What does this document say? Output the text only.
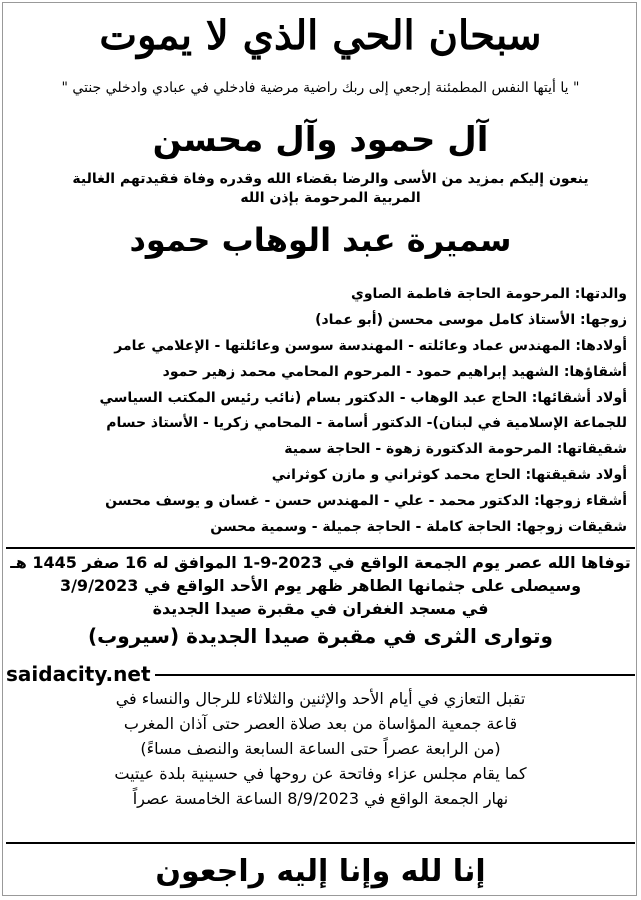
سبحان الحي الذي لا يموت
" يا أيتها النفس المطمئنة إرجعي إلى ربك راضية مرضية فادخلي في عبادي وادخلي جنتي "
آل حمود وآل محسن
ينعون إليكم بمزيد من الأسى والرضا بقضاء الله وقدره وفاة فقيدتهم الغالية
المربية المرحومة بإذن الله
سميرة عبد الوهاب حمود
والدتها: المرحومة الحاجة فاطمة الصاوي
زوجها: الأستاذ كامل موسى محسن (أبو عماد)
أولادها: المهندس عماد وعائلته - المهندسة سوسن وعائلتها - الإعلامي عامر
أشقاؤها: الشهيد إبراهيم حمود - المرحوم المحامي محمد زهير حمود
أولاد أشقائها: الحاج عبد الوهاب - الدكتور بسام (نائب رئيس المكتب السياسي
للجماعة الإسلامية في لبنان)- الدكتور أسامة - المحامي زكريا - الأستاذ حسام
شقيقاتها: المرحومة الدكتورة زهوة - الحاجة سمية
أولاد شقيقتها: الحاج محمد كوثراني و مازن كوثراني
أشقاء زوجها: الدكتور محمد - علي - المهندس حسن - غسان و يوسف محسن
شقيقات زوجها: الحاجة كاملة - الحاجة جميلة - وسمية محسن
توفاها الله عصر يوم الجمعة الواقع في 2023-9-1 الموافق له 16 صفر 1445 هـ
وسيصلى على جثمانها الطاهر ظهر يوم الأحد الواقع في 3/9/2023
في مسجد الغفران في مقبرة صيدا الجديدة
وتوارى الثرى في مقبرة صيدا الجديدة (سيروب)
saidacity.net
تقبل التعازي في أيام الأحد والإثنين والثلاثاء للرجال والنساء في
قاعة جمعية المؤاساة من بعد صلاة العصر حتى آذان المغرب
(من الرابعة عصراً حتى الساعة السابعة والنصف مساءً)
كما يقام مجلس عزاء وفاتحة عن روحها في حسينية بلدة عيتيت
نهار الجمعة الواقع في 8/9/2023 الساعة الخامسة عصراً
إنا لله وإنا إليه راجعون
